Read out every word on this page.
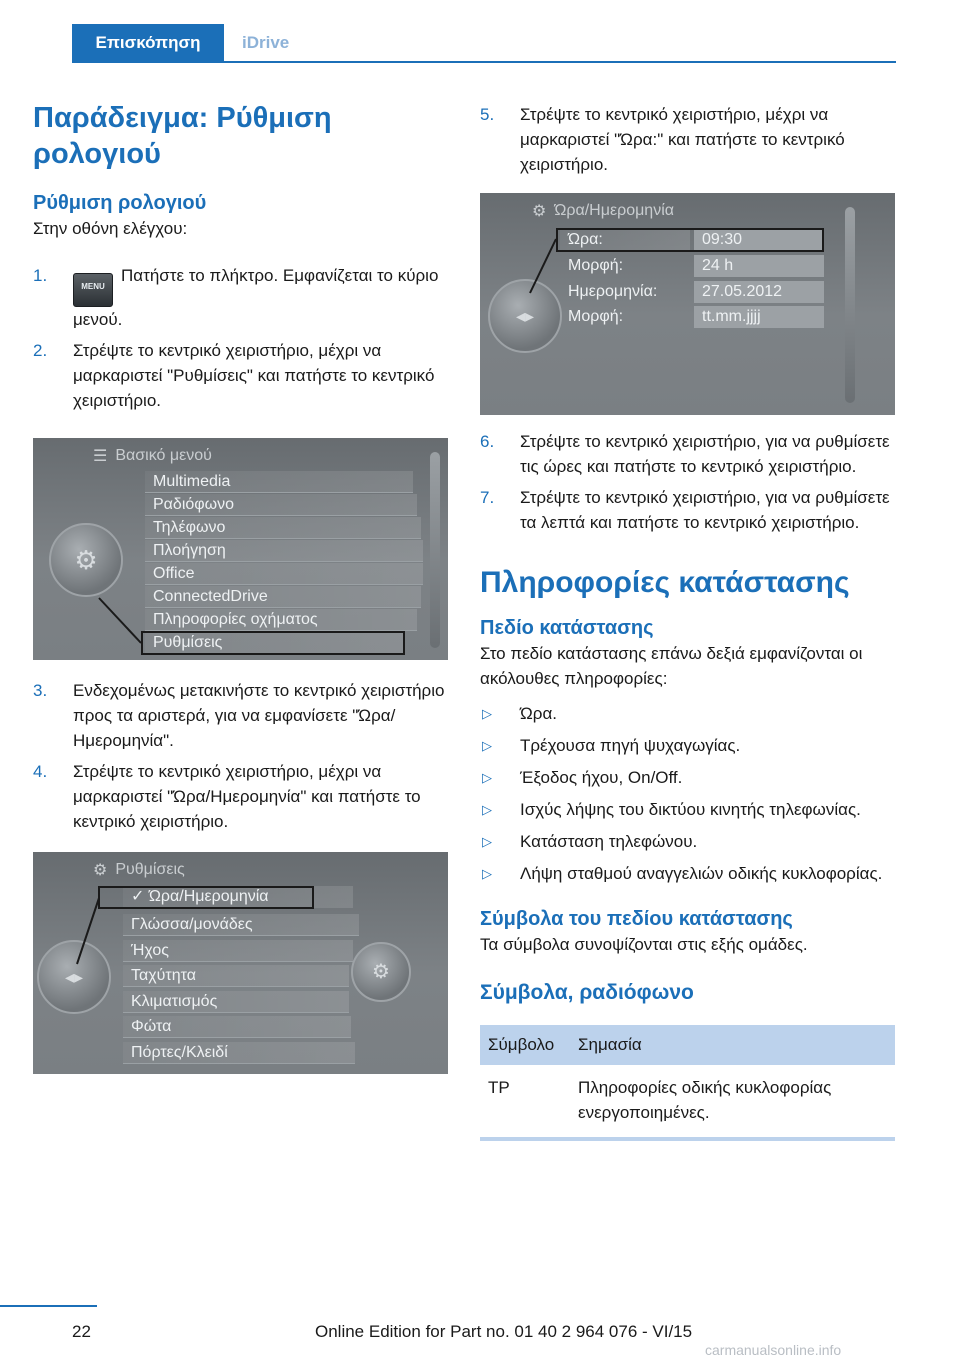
Επισκόπηση	iDrive
Παράδειγμα: Ρύθμιση ρολογιού
Ρύθμιση ρολογιού

Στην οθόνη ελέγχου:

1.
MENUΠατήστε το πλήκτρο. Εμφανίζεται το κύριο μενού.
2.	Στρέψτε το κεντρικό χειριστήριο, μέχρι να μαρκαριστεί "Ρυθμίσεις" και πατήστε το κεντρικό χειριστήριο.
☰ Βασικό μενού
⚙
Multimedia
Ραδιόφωνο
Τηλέφωνο
Πλοήγηση
Office
ConnectedDrive
Πληροφορίες οχήματος
Ρυθμίσεις
3.	Ενδεχομένως μετακινήστε το κεντρικό χειριστήριο προς τα αριστερά, για να εμφανίσετε "Ώρα/Ημερομηνία".
4.	Στρέψτε το κεντρικό χειριστήριο, μέχρι να μαρκαριστεί "Ώρα/Ημερομηνία" και πατήστε το κεντρικό χειριστήριο.
⚙ Ρυθμίσεις
◂▸	⚙
✓ Ώρα/Ημερομηνία
Γλώσσα/μονάδες
Ήχος
Ταχύτητα
Κλιματισμός
Φώτα
Πόρτες/Κλειδί
5.	Στρέψτε το κεντρικό χειριστήριο, μέχρι να μαρκαριστεί "Ώρα:" και πατήστε το κεντρικό χειριστήριο.
⚙ Ώρα/Ημερομηνία
◂▸
Ώρα:	09:30
Μορφή:	24 h
Ημερομηνία:	27.05.2012
Μορφή:	tt.mm.jjjj
6.	Στρέψτε το κεντρικό χειριστήριο, για να ρυθμίσετε τις ώρες και πατήστε το κεντρικό χειριστήριο.
7.	Στρέψτε το κεντρικό χειριστήριο, για να ρυθμίσετε τα λεπτά και πατήστε το κεντρικό χειριστήριο.
Πληροφορίες κατάστασης
Πεδίο κατάστασης

Στο πεδίο κατάστασης επάνω δεξιά εμφανίζονται οι ακόλουθες πληροφορίες:

▷	Ώρα.
▷	Τρέχουσα πηγή ψυχαγωγίας.
▷	Έξοδος ήχου, On/Off.
▷	Ισχύς λήψης του δικτύου κινητής τηλεφωνίας.
▷	Κατάσταση τηλεφώνου.
▷	Λήψη σταθμού αναγγελιών οδικής κυκλοφορίας.
Σύμβολα του πεδίου κατάστασης

Τα σύμβολα συνοψίζονται στις εξής ομάδες.

Σύμβολα, ραδιόφωνο
Σύμβολο	Σημασία
TP	Πληροφορίες οδικής κυκλοφορίας ενεργοποιημένες.
22	Online Edition for Part no. 01 40 2 964 076 - VI/15
carmanualsonline.info
